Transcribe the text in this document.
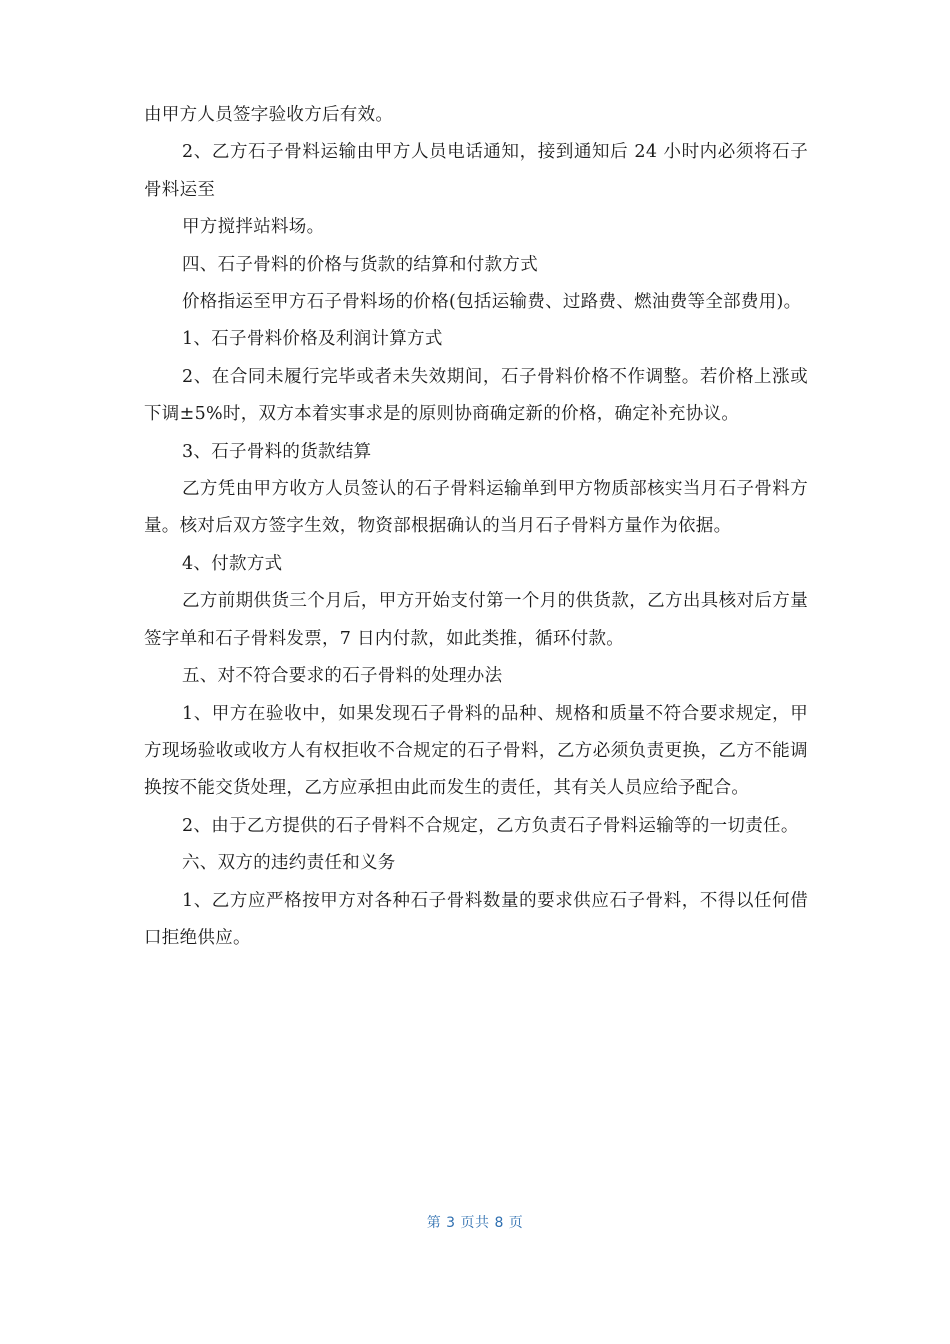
由甲方人员签字验收方后有效。

2、乙方石子骨料运输由甲方人员电话通知，接到通知后 24 小时内必须将石子骨料运至

甲方搅拌站料场。

四、石子骨料的价格与货款的结算和付款方式

价格指运至甲方石子骨料场的价格(包括运输费、过路费、燃油费等全部费用)。

1、石子骨料价格及利润计算方式

2、在合同未履行完毕或者未失效期间，石子骨料价格不作调整。若价格上涨或下调±5%时，双方本着实事求是的原则协商确定新的价格，确定补充协议。

3、石子骨料的货款结算

乙方凭由甲方收方人员签认的石子骨料运输单到甲方物质部核实当月石子骨料方量。核对后双方签字生效，物资部根据确认的当月石子骨料方量作为依据。

4、付款方式

乙方前期供货三个月后，甲方开始支付第一个月的供货款，乙方出具核对后方量签字单和石子骨料发票，7 日内付款，如此类推，循环付款。

五、对不符合要求的石子骨料的处理办法

1、甲方在验收中，如果发现石子骨料的品种、规格和质量不符合要求规定，甲方现场验收或收方人有权拒收不合规定的石子骨料，乙方必须负责更换，乙方不能调换按不能交货处理，乙方应承担由此而发生的责任，其有关人员应给予配合。

2、由于乙方提供的石子骨料不合规定，乙方负责石子骨料运输等的一切责任。

六、双方的违约责任和义务

1、乙方应严格按甲方对各种石子骨料数量的要求供应石子骨料，不得以任何借口拒绝供应。

第 3 页共 8 页
